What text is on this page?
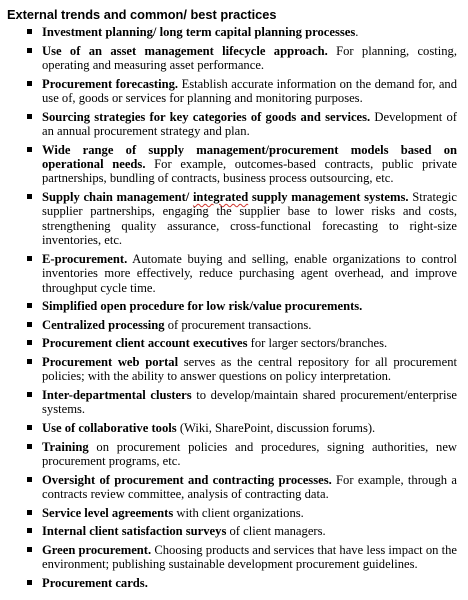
External trends and common/ best practices
Investment planning/ long term capital planning processes.
Use of an asset management lifecycle approach. For planning, costing, operating and measuring asset performance.
Procurement forecasting. Establish accurate information on the demand for, and use of, goods or services for planning and monitoring purposes.
Sourcing strategies for key categories of goods and services. Development of an annual procurement strategy and plan.
Wide range of supply management/procurement models based on operational needs. For example, outcomes-based contracts, public private partnerships, bundling of contracts, business process outsourcing, etc.
Supply chain management/ integrated supply management systems. Strategic supplier partnerships, engaging the supplier base to lower risks and costs, strengthening quality assurance, cross-functional forecasting to right-size inventories, etc.
E-procurement. Automate buying and selling, enable organizations to control inventories more effectively, reduce purchasing agent overhead, and improve throughput cycle time.
Simplified open procedure for low risk/value procurements.
Centralized processing of procurement transactions.
Procurement client account executives for larger sectors/branches.
Procurement web portal serves as the central repository for all procurement policies; with the ability to answer questions on policy interpretation.
Inter-departmental clusters to develop/maintain shared procurement/enterprise systems.
Use of collaborative tools (Wiki, SharePoint, discussion forums).
Training on procurement policies and procedures, signing authorities, new procurement programs, etc.
Oversight of procurement and contracting processes. For example, through a contracts review committee, analysis of contracting data.
Service level agreements with client organizations.
Internal client satisfaction surveys of client managers.
Green procurement. Choosing products and services that have less impact on the environment; publishing sustainable development procurement guidelines.
Procurement cards.
